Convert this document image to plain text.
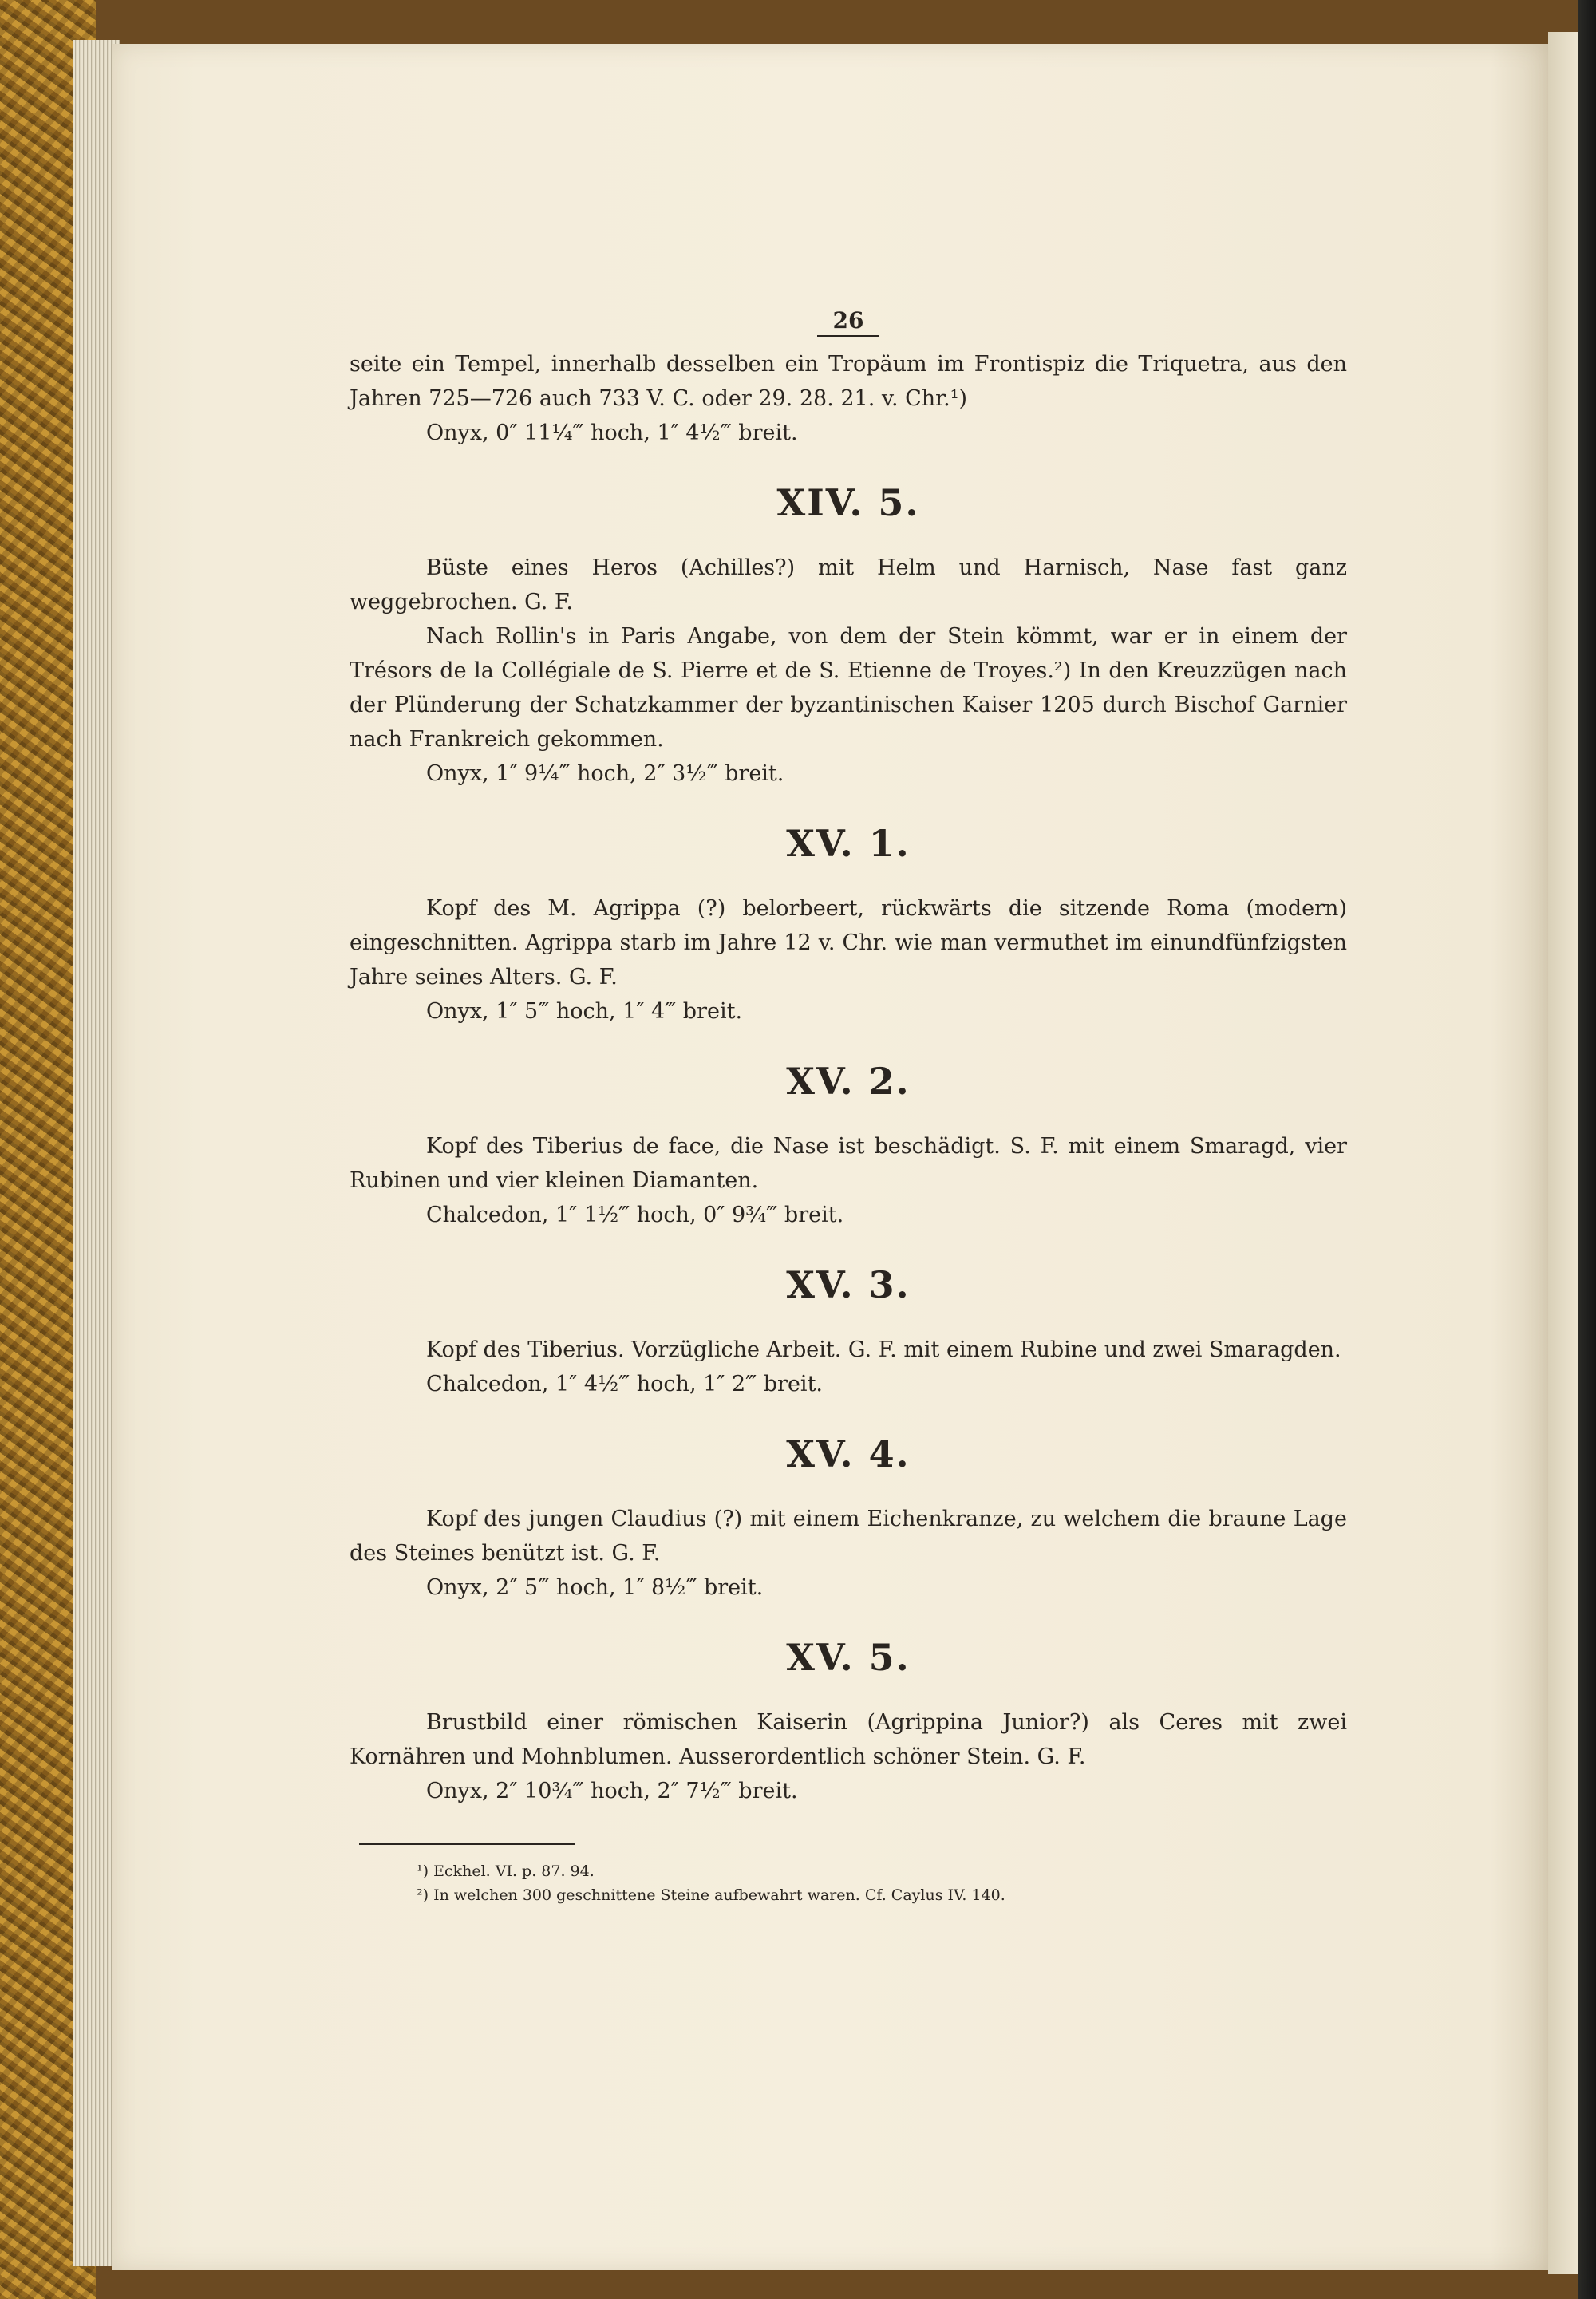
26

seite ein Tempel, innerhalb desselben ein Tropäum im Frontispiz die Triquetra, aus den Jahren 725—726 auch 733 V. C. oder 29. 28. 21. v. Chr.¹)

Onyx, 0″ 11¼‴ hoch, 1″ 4½‴ breit.

XIV. 5.

Büste eines Heros (Achilles?) mit Helm und Harnisch, Nase fast ganz weggebrochen. G. F.

Nach Rollin's in Paris Angabe, von dem der Stein kömmt, war er in einem der Trésors de la Collégiale de S. Pierre et de S. Etienne de Troyes.²) In den Kreuzzügen nach der Plünderung der Schatzkammer der byzantinischen Kaiser 1205 durch Bischof Garnier nach Frankreich gekommen.

Onyx, 1″ 9¼‴ hoch, 2″ 3½‴ breit.

XV. 1.

Kopf des M. Agrippa (?) belorbeert, rückwärts die sitzende Roma (modern) eingeschnitten. Agrippa starb im Jahre 12 v. Chr. wie man vermuthet im einundfünfzigsten Jahre seines Alters. G. F.

Onyx, 1″ 5‴ hoch, 1″ 4‴ breit.

XV. 2.

Kopf des Tiberius de face, die Nase ist beschädigt. S. F. mit einem Smaragd, vier Rubinen und vier kleinen Diamanten.

Chalcedon, 1″ 1½‴ hoch, 0″ 9¾‴ breit.

XV. 3.

Kopf des Tiberius. Vorzügliche Arbeit. G. F. mit einem Rubine und zwei Smaragden.

Chalcedon, 1″ 4½‴ hoch, 1″ 2‴ breit.

XV. 4.

Kopf des jungen Claudius (?) mit einem Eichenkranze, zu welchem die braune Lage des Steines benützt ist. G. F.

Onyx, 2″ 5‴ hoch, 1″ 8½‴ breit.

XV. 5.

Brustbild einer römischen Kaiserin (Agrippina Junior?) als Ceres mit zwei Kornähren und Mohnblumen. Ausserordentlich schöner Stein. G. F.

Onyx, 2″ 10¾‴ hoch, 2″ 7½‴ breit.

¹) Eckhel. VI. p. 87. 94.
²) In welchen 300 geschnittene Steine aufbewahrt waren. Cf. Caylus IV. 140.
